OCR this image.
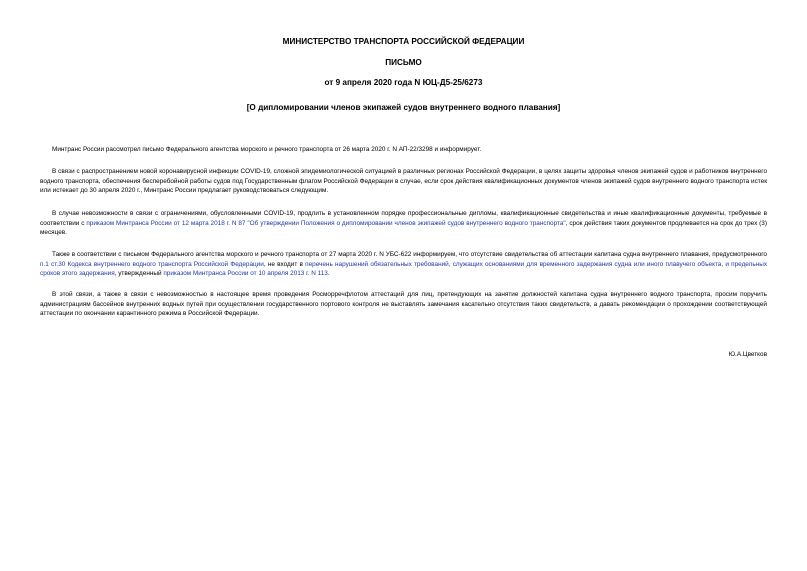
МИНИСТЕРСТВО ТРАНСПОРТА РОССИЙСКОЙ ФЕДЕРАЦИИ
ПИСЬМО
от 9 апреля 2020 года N ЮЦ-Д5-25/6273
[О дипломировании членов экипажей судов внутреннего водного плавания]

Минтранс России рассмотрел письмо Федерального агентства морского и речного транспорта от 26 марта 2020 г. N АП-22/3298 и информирует.

В связи с распространением новой коронавирусной инфекции COVID-19, сложной эпидемиологической ситуацией в различных регионах Российской Федерации, в целях защиты здоровья членов экипажей судов и работников внутреннего водного транспорта, обеспечения бесперебойной работы судов под Государственным флагом Российской Федерации в случае, если срок действия квалификационных документов членов экипажей судов внутреннего водного транспорта истек или истекает до 30 апреля 2020 г., Минтранс России предлагает руководствоваться следующим.

В случае невозможности в связи с ограничениями, обусловленными COVID-19, продлить в установленном порядке профессиональные дипломы, квалификационные свидетельства и иные квалификационные документы, требуемые в соответствии с приказом Минтранса России от 12 марта 2018 г. N 87 "Об утверждении Положения о дипломировании членов экипажей судов внутреннего водного транспорта", срок действия таких документов продлевается на срок до трех (3) месяцев.

Также в соответствии с письмом Федерального агентства морского и речного транспорта от 27 марта 2020 г. N УБС-622 информируем, что отсутствие свидетельства об аттестации капитана судна внутреннего плавания, предусмотренного п.1 ст.30 Кодекса внутреннего водного транспорта Российской Федерации, не входит в перечень нарушений обязательных требований, служащих основаниями для временного задержания судна или иного плавучего объекта, и предельных сроков этого задержания, утвержденный приказом Минтранса России от 10 апреля 2013 г. N 113.

В этой связи, а также в связи с невозможностью в настоящее время проведения Росморречфлотом аттестаций для лиц, претендующих на занятие должностей капитана судна внутреннего водного транспорта, просим поручить администрациям бассейнов внутренних водных путей при осуществлении государственного портового контроля не выставлять замечания касательно отсутствия таких свидетельств, а давать рекомендации о прохождении соответствующей аттестации по окончании карантинного режима в Российской Федерации.

Ю.А.Цветков
